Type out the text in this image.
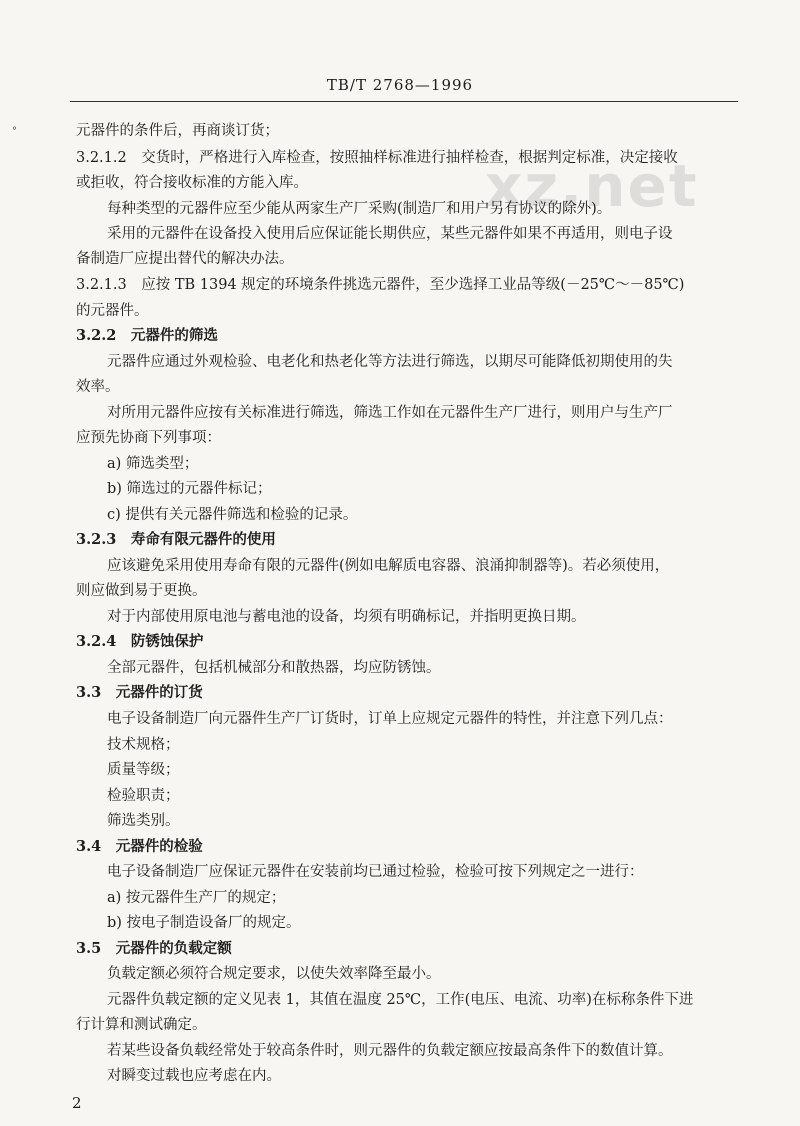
TB/T 2768—1996
°
xz.net
元器件的条件后，再商谈订货；
3.2.1.2　交货时，严格进行入库检查，按照抽样标准进行抽样检查，根据判定标准，决定接收
或拒收，符合接收标准的方能入库。
每种类型的元器件应至少能从两家生产厂采购(制造厂和用户另有协议的除外)。
采用的元器件在设备投入使用后应保证能长期供应，某些元器件如果不再适用，则电子设
备制造厂应提出替代的解决办法。
3.2.1.3　应按 TB 1394 规定的环境条件挑选元器件，至少选择工业品等级(－25℃～－85℃)
的元器件。
3.2.2　元器件的筛选
元器件应通过外观检验、电老化和热老化等方法进行筛选，以期尽可能降低初期使用的失
效率。
对所用元器件应按有关标准进行筛选，筛选工作如在元器件生产厂进行，则用户与生产厂
应预先协商下列事项：
a) 筛选类型；
b) 筛选过的元器件标记；
c) 提供有关元器件筛选和检验的记录。
3.2.3　寿命有限元器件的使用
应该避免采用使用寿命有限的元器件(例如电解质电容器、浪涌抑制器等)。若必须使用，
则应做到易于更换。
对于内部使用原电池与蓄电池的设备，均须有明确标记，并指明更换日期。
3.2.4　防锈蚀保护
全部元器件，包括机械部分和散热器，均应防锈蚀。
3.3　元器件的订货
电子设备制造厂向元器件生产厂订货时，订单上应规定元器件的特性，并注意下列几点：
技术规格；
质量等级；
检验职责；
筛选类别。
3.4　元器件的检验
电子设备制造厂应保证元器件在安装前均已通过检验，检验可按下列规定之一进行：
a) 按元器件生产厂的规定；
b) 按电子制造设备厂的规定。
3.5　元器件的负载定额
负载定额必须符合规定要求，以使失效率降至最小。
元器件负载定额的定义见表 1，其值在温度 25℃，工作(电压、电流、功率)在标称条件下进
行计算和测试确定。
若某些设备负载经常处于较高条件时，则元器件的负载定额应按最高条件下的数值计算。
对瞬变过载也应考虑在内。
2
